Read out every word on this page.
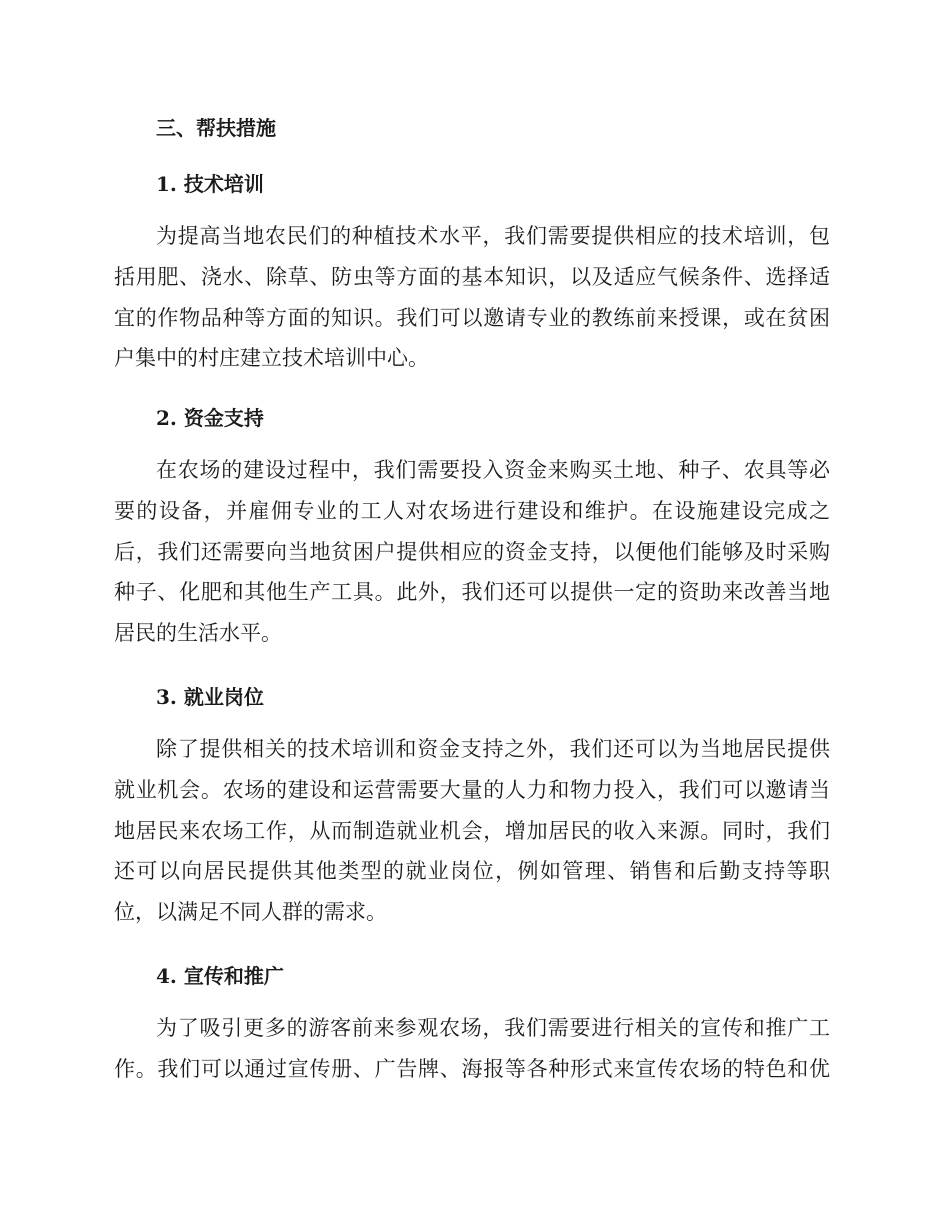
三、帮扶措施
1. 技术培训
为提高当地农民们的种植技术水平，我们需要提供相应的技术培训，包
括用肥、浇水、除草、防虫等方面的基本知识，以及适应气候条件、选择适
宜的作物品种等方面的知识。我们可以邀请专业的教练前来授课，或在贫困
户集中的村庄建立技术培训中心。
2. 资金支持
在农场的建设过程中，我们需要投入资金来购买土地、种子、农具等必
要的设备，并雇佣专业的工人对农场进行建设和维护。在设施建设完成之
后，我们还需要向当地贫困户提供相应的资金支持，以便他们能够及时采购
种子、化肥和其他生产工具。此外，我们还可以提供一定的资助来改善当地
居民的生活水平。
3. 就业岗位
除了提供相关的技术培训和资金支持之外，我们还可以为当地居民提供
就业机会。农场的建设和运营需要大量的人力和物力投入，我们可以邀请当
地居民来农场工作，从而制造就业机会，增加居民的收入来源。同时，我们
还可以向居民提供其他类型的就业岗位，例如管理、销售和后勤支持等职
位，以满足不同人群的需求。
4. 宣传和推广
为了吸引更多的游客前来参观农场，我们需要进行相关的宣传和推广工
作。我们可以通过宣传册、广告牌、海报等各种形式来宣传农场的特色和优
